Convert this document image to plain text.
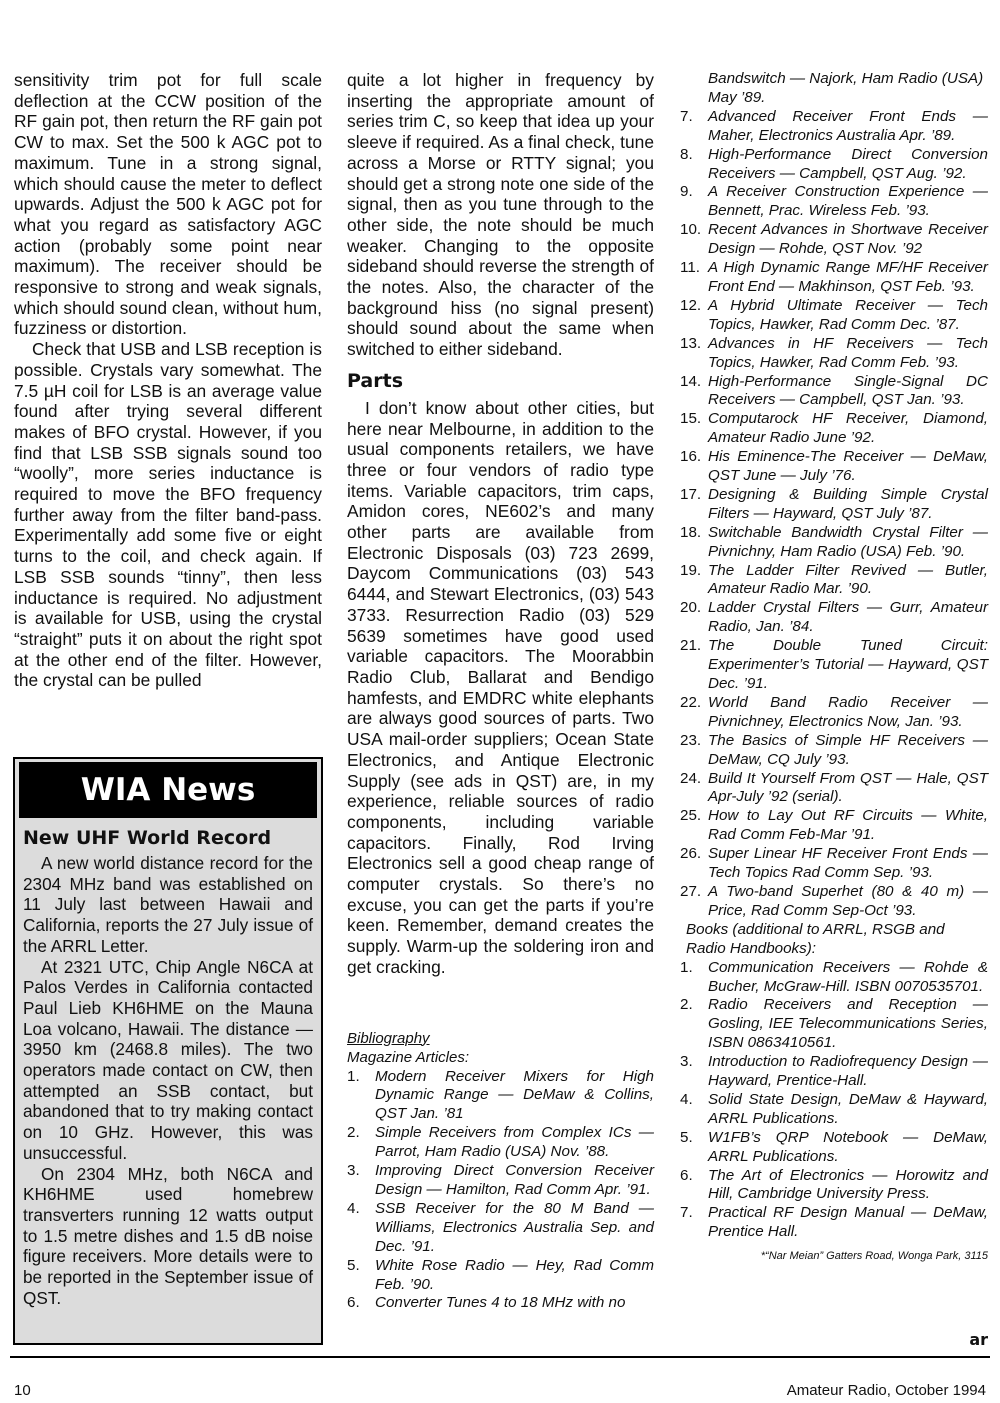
sensitivity trim pot for full scale deflection at the CCW position of the RF gain pot, then return the RF gain pot CW to max. Set the 500 k AGC pot to maximum. Tune in a strong signal, which should cause the meter to deflect upwards. Adjust the 500 k AGC pot for what you regard as satisfactory AGC action (probably some point near maximum). The receiver should be responsive to strong and weak signals, which should sound clean, without hum, fuzziness or distortion.

Check that USB and LSB reception is possible. Crystals vary somewhat. The 7.5 µH coil for LSB is an average value found after trying several different makes of BFO crystal. However, if you find that LSB SSB signals sound too “woolly”, more series inductance is required to move the BFO frequency further away from the filter band-pass. Experimentally add some five or eight turns to the coil, and check again. If LSB SSB sounds “tinny”, then less inductance is required. No adjustment is available for USB, using the crystal “straight” puts it on about the right spot at the other end of the filter. However, the crystal can be pulled

WIA News
New UHF World Record

A new world distance record for the 2304 MHz band was established on 11 July last between Hawaii and California, reports the 27 July issue of the ARRL Letter.

At 2321 UTC, Chip Angle N6CA at Palos Verdes in California contacted Paul Lieb KH6HME on the Mauna Loa volcano, Hawaii. The distance — 3950 km (2468.8 miles). The two operators made contact on CW, then attempted an SSB contact, but abandoned that to try making contact on 10 GHz. However, this was unsuccessful.

On 2304 MHz, both N6CA and KH6HME used homebrew transverters running 12 watts output to 1.5 metre dishes and 1.5 dB noise figure receivers. More details were to be reported in the September issue of QST.

quite a lot higher in frequency by inserting the appropriate amount of series trim C, so keep that idea up your sleeve if required. As a final check, tune across a Morse or RTTY signal; you should get a strong note one side of the signal, then as you tune through to the other side, the note should be much weaker. Changing to the opposite sideband should reverse the strength of the notes. Also, the character of the background hiss (no signal present) should sound about the same when switched to either sideband.

Parts

I don’t know about other cities, but here near Melbourne, in addition to the usual components retailers, we have three or four vendors of radio type items. Variable capacitors, trim caps, Amidon cores, NE602’s and many other parts are available from Electronic Disposals (03) 723 2699, Daycom Communications (03) 543 6444, and Stewart Electronics, (03) 543 3733. Resurrection Radio (03) 529 5639 sometimes have good used variable capacitors. The Moorabbin Radio Club, Ballarat and Bendigo hamfests, and EMDRC white elephants are always good sources of parts. Two USA mail-order suppliers; Ocean State Electronics, and Antique Electronic Supply (see ads in QST) are, in my experience, reliable sources of radio components, including variable capacitors. Finally, Rod Irving Electronics sell a good cheap range of computer crystals. So there’s no excuse, you can get the parts if you’re keen. Remember, demand creates the supply. Warm-up the soldering iron and get cracking.

Bibliography
Magazine Articles:
1. Modern Receiver Mixers for High Dynamic Range — DeMaw & Collins, QST Jan. ’81
2. Simple Receivers from Complex ICs — Parrot, Ham Radio (USA) Nov. ’88.
3. Improving Direct Conversion Receiver Design — Hamilton, Rad Comm Apr. ’91.
4. SSB Receiver for the 80 M Band — Williams, Electronics Australia Sep. and Dec. ’91.
5. White Rose Radio — Hey, Rad Comm Feb. ’90.
6. Converter Tunes 4 to 18 MHz with no
Bandswitch — Najork, Ham Radio (USA) May ’89.
7. Advanced Receiver Front Ends — Maher, Electronics Australia Apr. ’89.
8. High-Performance Direct Conversion Receivers — Campbell, QST Aug. ’92.
9. A Receiver Construction Experience — Bennett, Prac. Wireless Feb. ’93.
10. Recent Advances in Shortwave Receiver Design — Rohde, QST Nov. ’92
11. A High Dynamic Range MF/HF Receiver Front End — Makhinson, QST Feb. ’93.
12. A Hybrid Ultimate Receiver — Tech Topics, Hawker, Rad Comm Dec. ’87.
13. Advances in HF Receivers — Tech Topics, Hawker, Rad Comm Feb. ’93.
14. High-Performance Single-Signal DC Receivers — Campbell, QST Jan. ’93.
15. Computarock HF Receiver, Diamond, Amateur Radio June ’92.
16. His Eminence-The Receiver — DeMaw, QST June — July ’76.
17. Designing & Building Simple Crystal Filters — Hayward, QST July ’87.
18. Switchable Bandwidth Crystal Filter — Pivnichny, Ham Radio (USA) Feb. ’90.
19. The Ladder Filter Revived — Butler, Amateur Radio Mar. ’90.
20. Ladder Crystal Filters — Gurr, Amateur Radio, Jan. ’84.
21. The Double Tuned Circuit: Experimenter’s Tutorial — Hayward, QST Dec. ’91.
22. World Band Radio Receiver — Pivnichney, Electronics Now, Jan. ’93.
23. The Basics of Simple HF Receivers — DeMaw, CQ July ’93.
24. Build It Yourself From QST — Hale, QST Apr-July ’92 (serial).
25. How to Lay Out RF Circuits — White, Rad Comm Feb-Mar ’91.
26. Super Linear HF Receiver Front Ends — Tech Topics Rad Comm Sep. ’93.
27. A Two-band Superhet (80 & 40 m) — Price, Rad Comm Sep-Oct ’93.

Books (additional to ARRL, RSGB and Radio Handbooks):

1. Communication Receivers — Rohde & Bucher, McGraw-Hill. ISBN 0070535701.
2. Radio Receivers and Reception — Gosling, IEE Telecommunications Series, ISBN 0863410561.
3. Introduction to Radiofrequency Design — Hayward, Prentice-Hall.
4. Solid State Design, DeMaw & Hayward, ARRL Publications.
5. W1FB’s QRP Notebook — DeMaw, ARRL Publications.
6. The Art of Electronics — Horowitz and Hill, Cambridge University Press.
7. Practical RF Design Manual — DeMaw, Prentice Hall.
*“Nar Meian” Gatters Road, Wonga Park, 3115
ar
10	Amateur Radio, October 1994
